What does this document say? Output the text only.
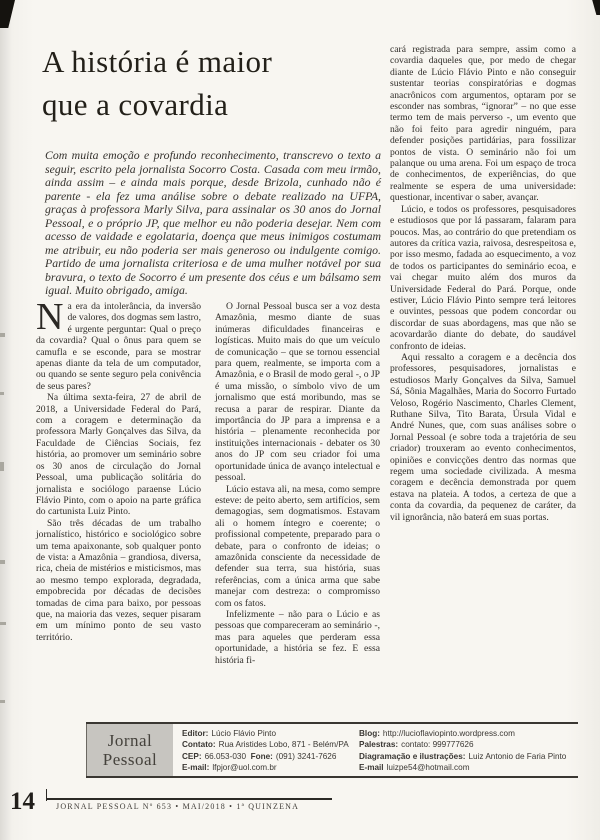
A história é maior
que a covardia
Com muita emoção e profundo reconhecimento, transcrevo o texto a seguir, escrito pela jornalista Socorro Costa. Casada com meu irmão, ainda assim – e ainda mais porque, desde Brizola, cunhado não é parente - ela fez uma análise sobre o debate realizado na UFPA, graças à professora Marly Silva, para assinalar os 30 anos do Jornal Pessoal, e o próprio JP, que melhor eu não poderia desejar. Nem com acesso de vaidade e egolataria, doença que meus inimigos costumam me atribuir, eu não poderia ser mais generoso ou indulgente comigo. Partido de uma jornalista criteriosa e de uma mulher notável por sua bravura, o texto de Socorro é um presente dos céus e um bálsamo sem igual. Muito obrigado, amiga.

Na era da intolerância, da inversão de valores, dos dogmas sem lastro, é urgente perguntar: Qual o preço da covardia? Qual o ônus para quem se camufla e se esconde, para se mostrar apenas diante da tela de um computador, ou quando se sente seguro pela conivência de seus pares?

Na última sexta-feira, 27 de abril de 2018, a Universidade Federal do Pará, com a coragem e determinação da professora Marly Gonçalves das Silva, da Faculdade de Ciências Sociais, fez história, ao promover um seminário sobre os 30 anos de circulação do Jornal Pessoal, uma publicação solitária do jornalista e sociólogo paraense Lúcio Flávio Pinto, com o apoio na parte gráfica do cartunista Luiz Pinto.

São três décadas de um trabalho jornalístico, histórico e sociológico sobre um tema apaixonante, sob qualquer ponto de vista: a Amazônia – grandiosa, diversa, rica, cheia de mistérios e misticismos, mas ao mesmo tempo explorada, degradada, empobrecida por décadas de decisões tomadas de cima para baixo, por pessoas que, na maioria das vezes, sequer pisaram em um mínimo ponto de seu vasto território.

O Jornal Pessoal busca ser a voz desta Amazônia, mesmo diante de suas inúmeras dificuldades financeiras e logísticas. Muito mais do que um veículo de comunicação – que se tornou essencial para quem, realmente, se importa com a Amazônia, e o Brasil de modo geral -, o JP é uma missão, o símbolo vivo de um jornalismo que está moribundo, mas se recusa a parar de respirar. Diante da importância do JP para a imprensa e a história – plenamente reconhecida por instituições internacionais - debater os 30 anos do JP com seu criador foi uma oportunidade única de avanço intelectual e pessoal.

Lúcio estava ali, na mesa, como sempre esteve: de peito aberto, sem artifícios, sem demagogias, sem dogmatismos. Estavam ali o homem íntegro e coerente; o profissional competente, preparado para o debate, para o confronto de ideias; o amazônida consciente da necessidade de defender sua terra, sua história, suas referências, com a única arma que sabe manejar com destreza: o compromisso com os fatos.

Infelizmente – não para o Lúcio e as pessoas que compareceram ao seminário -, mas para aqueles que perderam essa oportunidade, a história se fez. E essa história fi-

cará registrada para sempre, assim como a covardia daqueles que, por medo de chegar diante de Lúcio Flávio Pinto e não conseguir sustentar teorias conspiratórias e dogmas anacrônicos com argumentos, optaram por se esconder nas sombras, “ignorar” – no que esse termo tem de mais perverso -, um evento que não foi feito para agredir ninguém, para defender posições partidárias, para fossilizar pontos de vista. O seminário não foi um palanque ou uma arena. Foi um espaço de troca de conhecimentos, de experiências, do que realmente se espera de uma universidade: questionar, incentivar o saber, avançar.

Lúcio, e todos os professores, pesquisadores e estudiosos que por lá passaram, falaram para poucos. Mas, ao contrário do que pretendiam os autores da crítica vazia, raivosa, desrespeitosa e, por isso mesmo, fadada ao esquecimento, a voz de todos os participantes do seminário ecoa, e vai chegar muito além dos muros da Universidade Federal do Pará. Porque, onde estiver, Lúcio Flávio Pinto sempre terá leitores e ouvintes, pessoas que podem concordar ou discordar de suas abordagens, mas que não se acovardarão diante do debate, do saudável confronto de ideias.

Aqui ressalto a coragem e a decência dos professores, pesquisadores, jornalistas e estudiosos Marly Gonçalves da Silva, Samuel Sá, Sônia Magalhães, Maria do Socorro Furtado Veloso, Rogério Nascimento, Charles Clement, Ruthane Silva, Tito Barata, Úrsula Vidal e André Nunes, que, com suas análises sobre o Jornal Pessoal (e sobre toda a trajetória de seu criador) trouxeram ao evento conhecimentos, opiniões e convicções dentro das normas que regem uma sociedade civilizada. A mesma coragem e decência demonstrada por quem estava na plateia. A todos, a certeza de que a conta da covardia, da pequenez de caráter, da vil ignorância, não baterá em suas portas.

Jornal
Pessoal
Editor: Lúcio Flávio Pinto
Contato: Rua Aristides Lobo, 871 - Belém/PA
CEP: 66.053-030 Fone: (091) 3241-7626
E-mail: lfpjor@uol.com.br
Blog: http://lucioflaviopinto.wordpress.com
Palestras: contato: 999777626
Diagramação e ilustrações: Luiz Antonio de Faria Pinto
E-mail luizpe54@hotmail.com
14	JORNAL PESSOAL Nº 653 • MAI/2018 • 1ª QUINZENA
